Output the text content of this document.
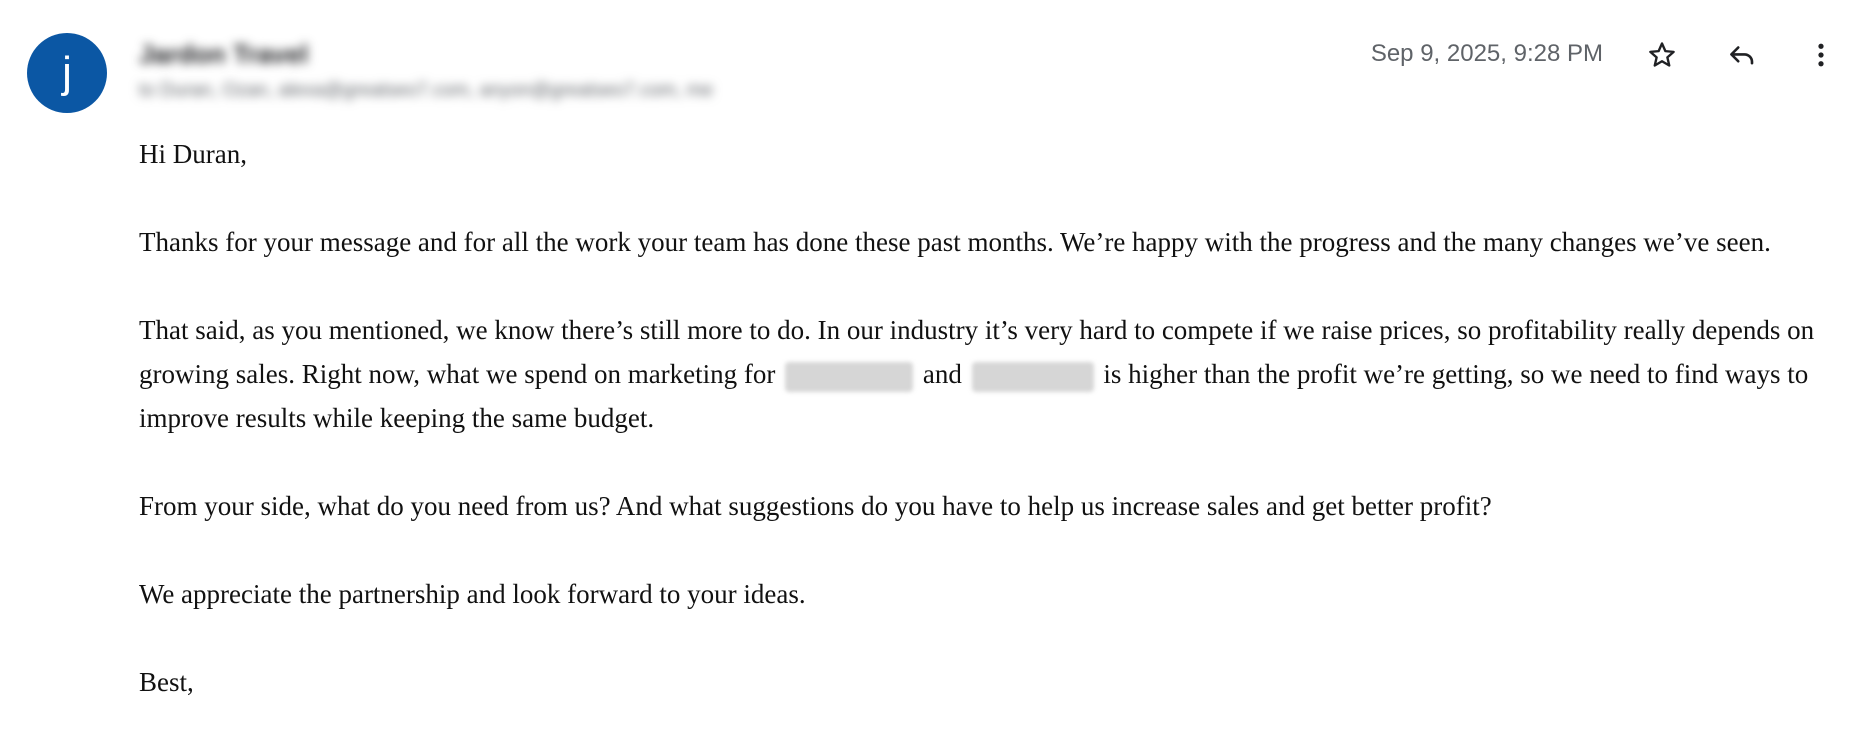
j	Jardon Travel
to Duran, Ozan, alexa@greatseo7.com, anyon@greatseo7.com, me
Sep 9, 2025, 9:28 PM

Hi Duran,

Thanks for your message and for all the work your team has done these past months. We’re happy with the progress and the many changes we’ve seen.

That said, as you mentioned, we know there’s still more to do. In our industry it’s very hard to compete if we raise prices, so profitability really depends on growing sales. Right now, what we spend on marketing for	and	is higher than the profit we’re getting, so we need to find ways to improve results while keeping the same budget.

From your side, what do you need from us? And what suggestions do you have to help us increase sales and get better profit?

We appreciate the partnership and look forward to your ideas.

Best,
